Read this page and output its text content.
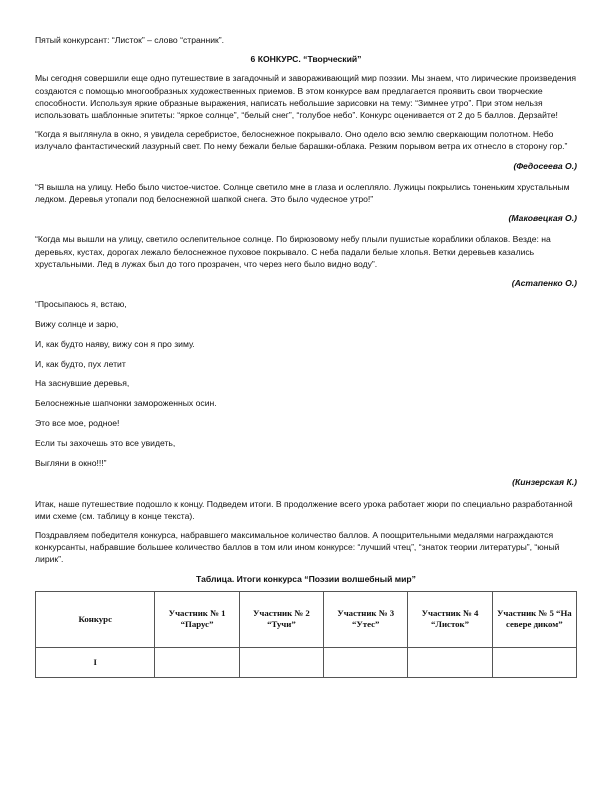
Пятый конкурсант: “Листок” – слово “странник”.

6 КОНКУРС. “Творческий”

Мы сегодня совершили еще одно путешествие в загадочный и завораживающий мир поэзии. Мы знаем, что лирические произведения создаются с помощью многообразных художественных приемов. В этом конкурсе вам предлагается проявить свои творческие способности. Используя яркие образные выражения, написать небольшие зарисовки на тему: “Зимнее утро”. При этом нельзя использовать шаблонные эпитеты: “яркое солнце”, “белый снег”, “голубое небо”. Конкурс оценивается от 2 до 5 баллов. Дерзайте!

“Когда я выглянула в окно, я увидела серебристое, белоснежное покрывало. Оно одело всю землю сверкающим полотном. Небо излучало фантастический лазурный свет. По нему бежали белые барашки-облака. Резким порывом ветра их отнесло в сторону гор.”

(Федосеева О.)

“Я вышла на улицу. Небо было чистое-чистое. Солнце светило мне в глаза и ослепляло. Лужицы покрылись тоненьким хрустальным ледком. Деревья утопали под белоснежной шапкой снега. Это было чудесное утро!”

(Маковецкая О.)

“Когда мы вышли на улицу, светило ослепительное солнце. По бирюзовому небу плыли пушистые кораблики облаков. Везде: на деревьях, кустах, дорогах лежало белоснежное пуховое покрывало. С неба падали белые хлопья. Ветки деревьев казались хрустальными. Лед в лужах был до того прозрачен, что через него было видно воду”.

(Астапенко О.)

“Просыпаюсь я, встаю,

Вижу солнце и зарю,

И, как будто наяву, вижу сон я про зиму.

И, как будто, пух летит

На заснувшие деревья,

Белоснежные шапчонки замороженных осин.

Это все мое, родное!

Если ты захочешь это все увидеть,

Выгляни в окно!!!”

(Кинзерская К.)

Итак, наше путешествие подошло к концу. Подведем итоги. В продолжение всего урока работает жюри по специально разработанной ими схеме (см. таблицу в конце текста).

Поздравляем победителя конкурса, набравшего максимальное количество баллов. А поощрительными медалями награждаются конкурсанты, набравшие большее количество баллов в том или ином конкурсе: “лучший чтец”, “знаток теории литературы”, “юный лирик”.

Таблица. Итоги конкурса “Поэзии волшебный мир”

Конкурс	Участник № 1 “Парус”	Участник № 2 “Тучи”	Участник № 3 “Утес”	Участник № 4 “Листок”	Участник № 5 “На севере диком”
I					
